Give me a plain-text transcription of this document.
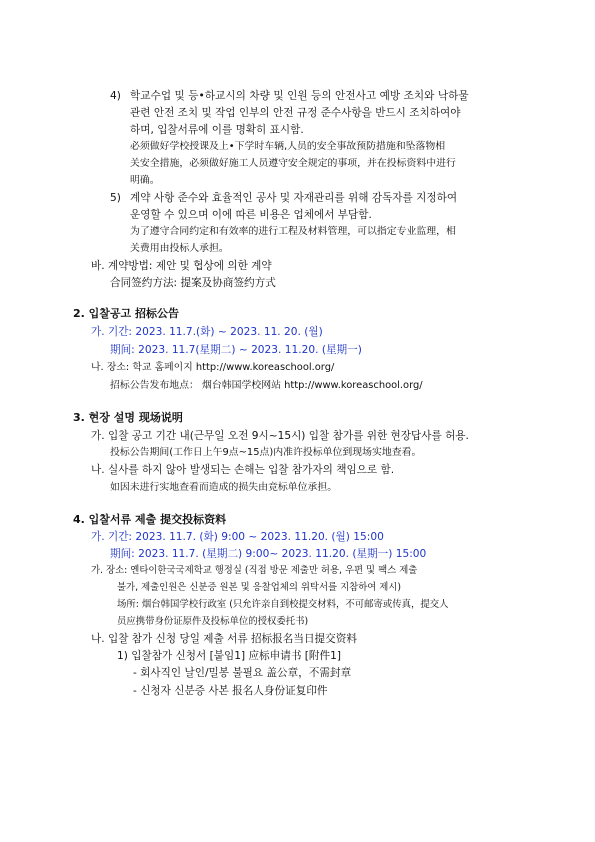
4) 학교수업 및 등•하교시의 차량 및 인원 등의 안전사고 예방 조치와 낙하물
관련 안전 조치 및 작업 인부의 안전 규정 준수사항을 반드시 조치하여야
하며, 입찰서류에 이를 명확히 표시함.
必须做好学校授课及上•下学时车辆,人员的安全事故预防措施和坠落物相
关安全措施，必须做好施工人员遵守安全规定的事项，并在投标资料中进行
明确。
5) 계약 사항 준수와 효율적인 공사 및 자재관리를 위해 감독자를 지정하여
운영할 수 있으며 이에 따른 비용은 업체에서 부담함.
为了遵守合同约定和有效率的进行工程及材料管理，可以指定专业监理，相
关费用由投标人承担。
바. 계약방법: 제안 및 협상에 의한 계약
合同签约方法: 提案及协商签约方式
2. 입찰공고 招标公告
가. 기간: 2023. 11.7.(화) ~ 2023. 11. 20. (월)
期间: 2023. 11.7(星期二) ~ 2023. 11.20. (星期一)
나. 장소: 학교 홈페이지 http://www.koreaschool.org/
招标公告发布地点： 烟台韩国学校网站 http://www.koreaschool.org/
3. 현장 설명 现场说明
가. 입찰 공고 기간 내(근무일 오전 9시~15시) 입찰 참가를 위한 현장답사를 허용.
投标公告期间(工作日上午9点~15点)内准许投标单位到现场实地查看。
나. 실사를 하지 않아 발생되는 손해는 입찰 참가자의 책임으로 함.
如因未进行实地查看而造成的损失由竞标单位承担。
4. 입찰서류 제출 提交投标资料
가. 기간: 2023. 11.7. (화) 9:00 ~ 2023. 11.20. (월) 15:00
期间: 2023. 11.7. (星期二) 9:00~ 2023. 11.20. (星期一) 15:00
가. 장소: 옌타이한국국제학교 행정실 (직접 방문 제출만 허용, 우편 및 팩스 제출
불가, 제출인원은 신분증 원본 및 응찰업체의 위탁서를 지참하여 제시)
场所: 烟台韩国学校行政室 (只允许亲自到校提交材料，不可邮寄或传真，提交人
员应携带身份证原件及投标单位的授权委托书)
나. 입찰 참가 신청 당일 제출 서류 招标报名当日提交资料
1) 입찰참가 신청서 [붙임1] 应标申请书 [附件1]
- 회사직인 날인/밀봉 불필요 盖公章，不需封章
- 신청자 신분증 사본 报名人身份证复印件
